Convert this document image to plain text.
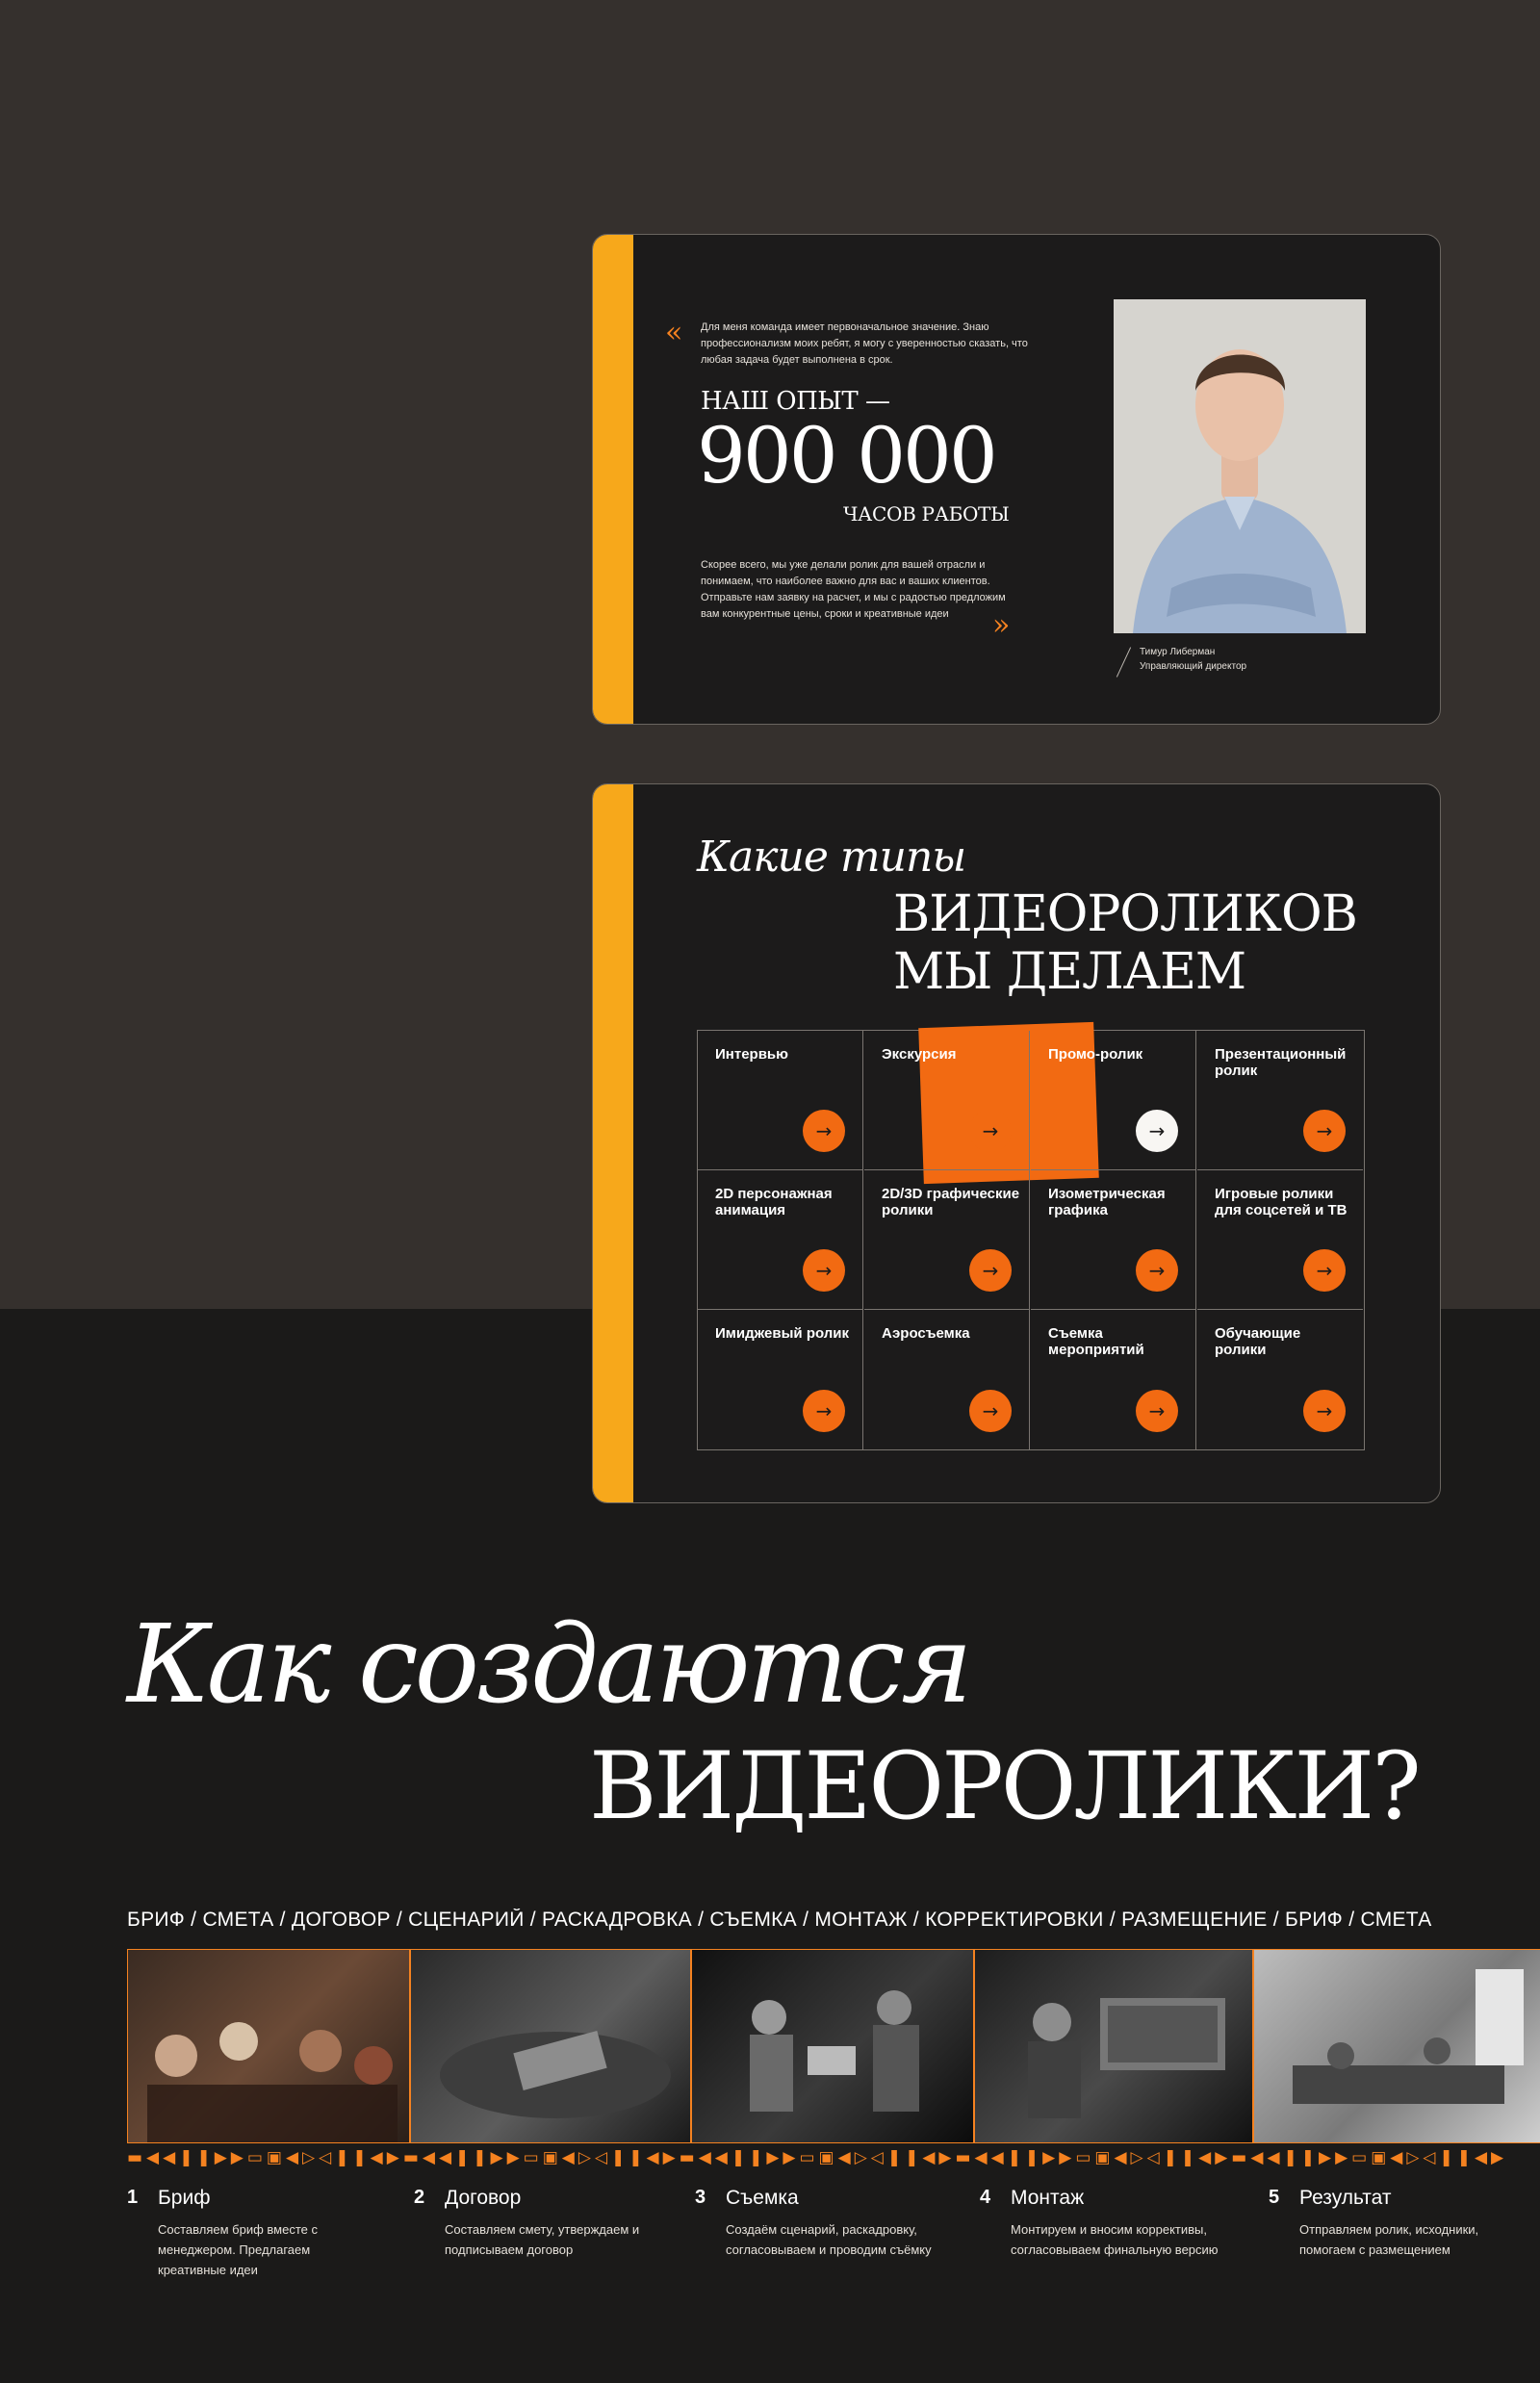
« Для меня команда имеет первоначальное значение. Знаю профессионализм моих ребят, я могу с уверенностью сказать, что любая задача будет выполнена в срок.
НАШ ОПЫТ —
900 000
ЧАСОВ РАБОТЫ
Скорее всего, мы уже делали ролик для вашей отрасли и понимаем, что наиболее важно для вас и ваших клиентов. Отправьте нам заявку на расчет, и мы с радостью предложим вам конкурентные цены, сроки и креативные идеи	»
Тимур Либерман
Управляющий директор
Какие типы
ВИДЕОРОЛИКОВ
МЫ ДЕЛАЕМ
Интервью
→
Экскурсия
→
Промо-ролик
→
Презентационный ролик
→
2D персонажная анимация
→
2D/3D графические ролики
→
Изометрическая графика
→
Игровые ролики для соцсетей и ТВ
→
Имиджевый ролик
→
Аэросъемка
→
Съемка мероприятий
→
Обучающие ролики
→
Как создаются
ВИДЕОРОЛИКИ?
БРИФ / СМЕТА / ДОГОВОР / СЦЕНАРИЙ / РАСКАДРОВКА / СЪЕМКА / МОНТАЖ / КОРРЕКТИРОВКИ / РАЗМЕЩЕНИЕ / БРИФ / СМЕТА
▬◀◀❚❚▶▶▭▣◀▷◁❚❚◀▶▬◀◀❚❚▶▶▭▣◀▷◁❚❚◀▶▬◀◀❚❚▶▶▭▣◀▷◁❚❚◀▶▬◀◀❚❚▶▶▭▣◀▷◁❚❚◀▶▬◀◀❚❚▶▶▭▣◀▷◁❚❚◀▶
1 Бриф
Составляем бриф вместе с менеджером. Предлагаем креативные идеи
2 Договор
Составляем смету, утверждаем и подписываем договор
3 Съемка
Создаём сценарий, раскадровку, согласовываем и проводим съёмку
4 Монтаж
Монтируем и вносим коррективы, согласовываем финальную версию
5 Результат
Отправляем ролик, исходники, помогаем с размещением
